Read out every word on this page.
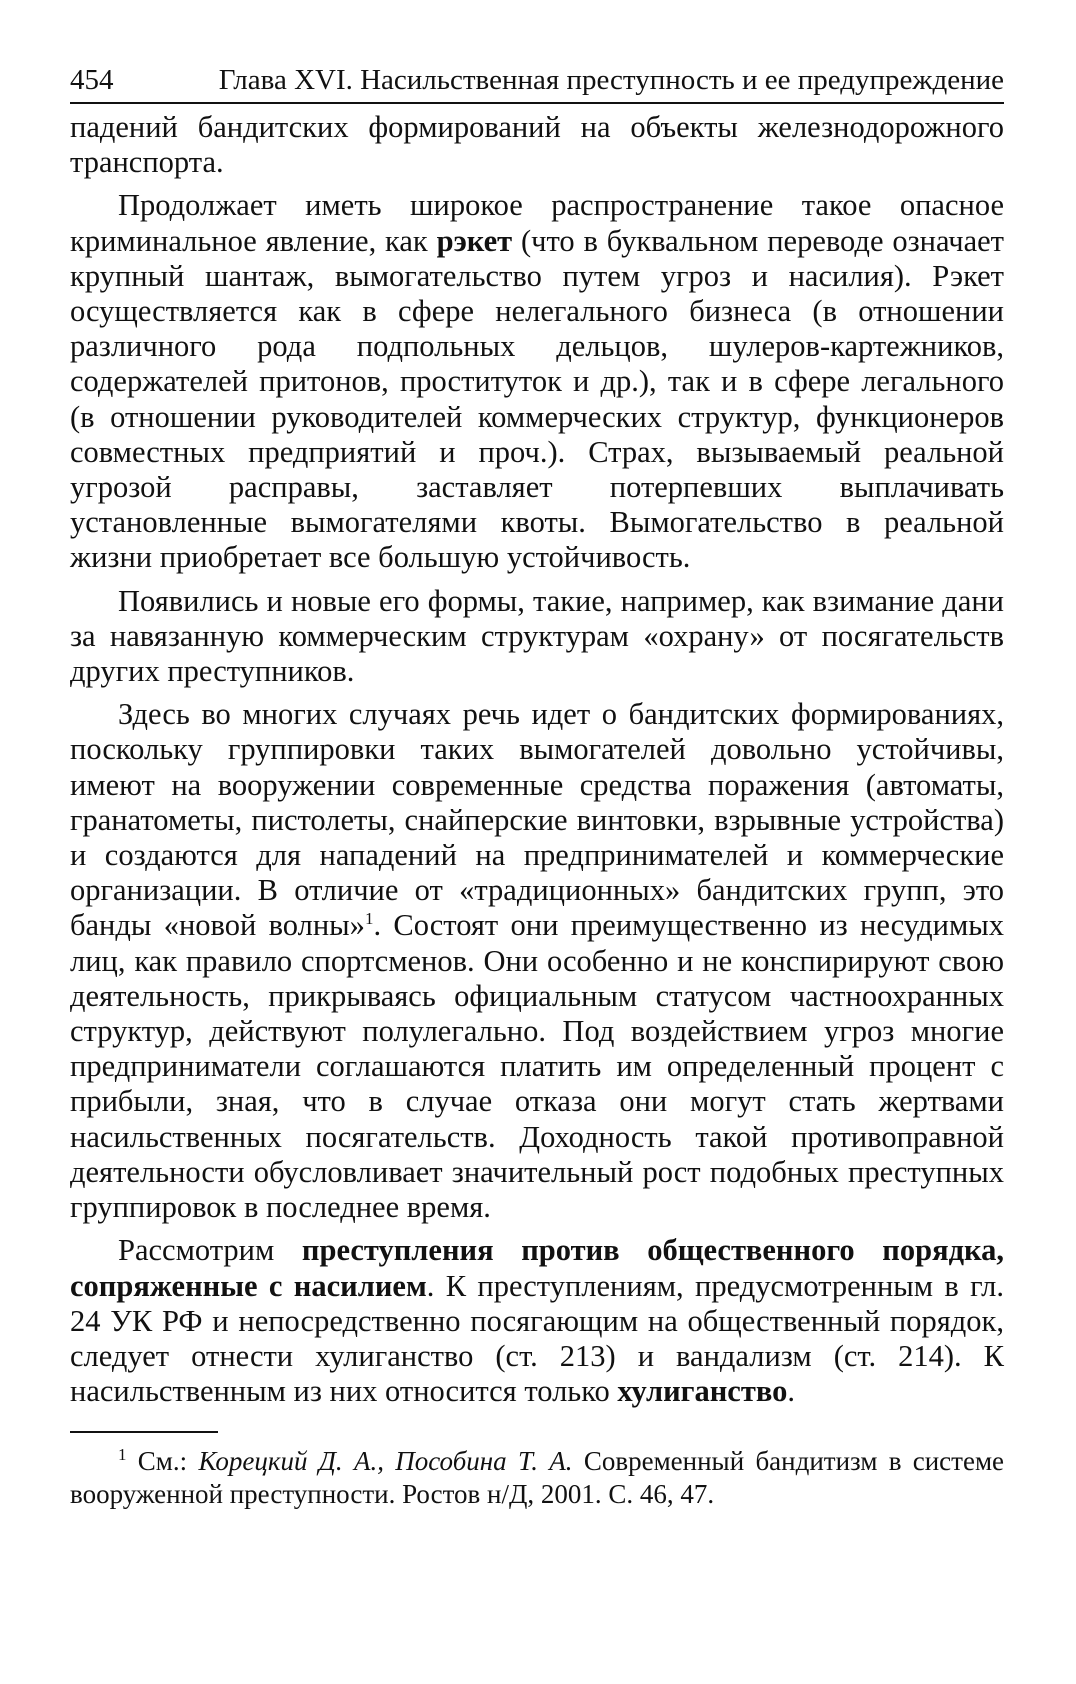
454	Глава XVI. Насильственная преступность и ее предупреждение

падений бандитских формирований на объекты железнодорожного транспорта.

Продолжает иметь широкое распространение такое опасное криминальное явление, как рэкет (что в буквальном переводе означает крупный шантаж, вымогательство путем угроз и насилия). Рэкет осуществляется как в сфере нелегального бизнеса (в отношении различного рода подпольных дельцов, шулеров-картежников, содержателей притонов, проституток и др.), так и в сфере легального (в отношении руководителей коммерческих структур, функционеров совместных предприятий и проч.). Страх, вызываемый реальной угрозой расправы, заставляет потерпевших выплачивать установленные вымогателями квоты. Вымогательство в реальной жизни приобретает все большую устойчивость.

Появились и новые его формы, такие, например, как взимание дани за навязанную коммерческим структурам «охрану» от посягательств других преступников.

Здесь во многих случаях речь идет о бандитских формированиях, поскольку группировки таких вымогателей довольно устойчивы, имеют на вооружении современные средства поражения (автоматы, гранатометы, пистолеты, снайперские винтовки, взрывные устройства) и создаются для нападений на предпринимателей и коммерческие организации. В отличие от «традиционных» бандитских групп, это банды «новой волны»$^1$. Состоят они преимущественно из несудимых лиц, как правило спортсменов. Они особенно и не конспирируют свою деятельность, прикрываясь официальным статусом частноохранных структур, действуют полулегально. Под воздействием угроз многие предприниматели соглашаются платить им определенный процент с прибыли, зная, что в случае отказа они могут стать жертвами насильственных посягательств. Доходность такой противоправной деятельности обусловливает значительный рост подобных преступных группировок в последнее время.

Рассмотрим преступления против общественного порядка, сопряженные с насилием. К преступлениям, предусмотренным в гл. 24 УК РФ и непосредственно посягающим на общественный порядок, следует отнести хулиганство (ст. 213) и вандализм (ст. 214). К насильственным из них относится только хулиганство.

$^1$ См.: Корецкий Д. А., Пособина Т. А. Современный бандитизм в системе вооруженной преступности. Ростов н/Д, 2001. С. 46, 47.
